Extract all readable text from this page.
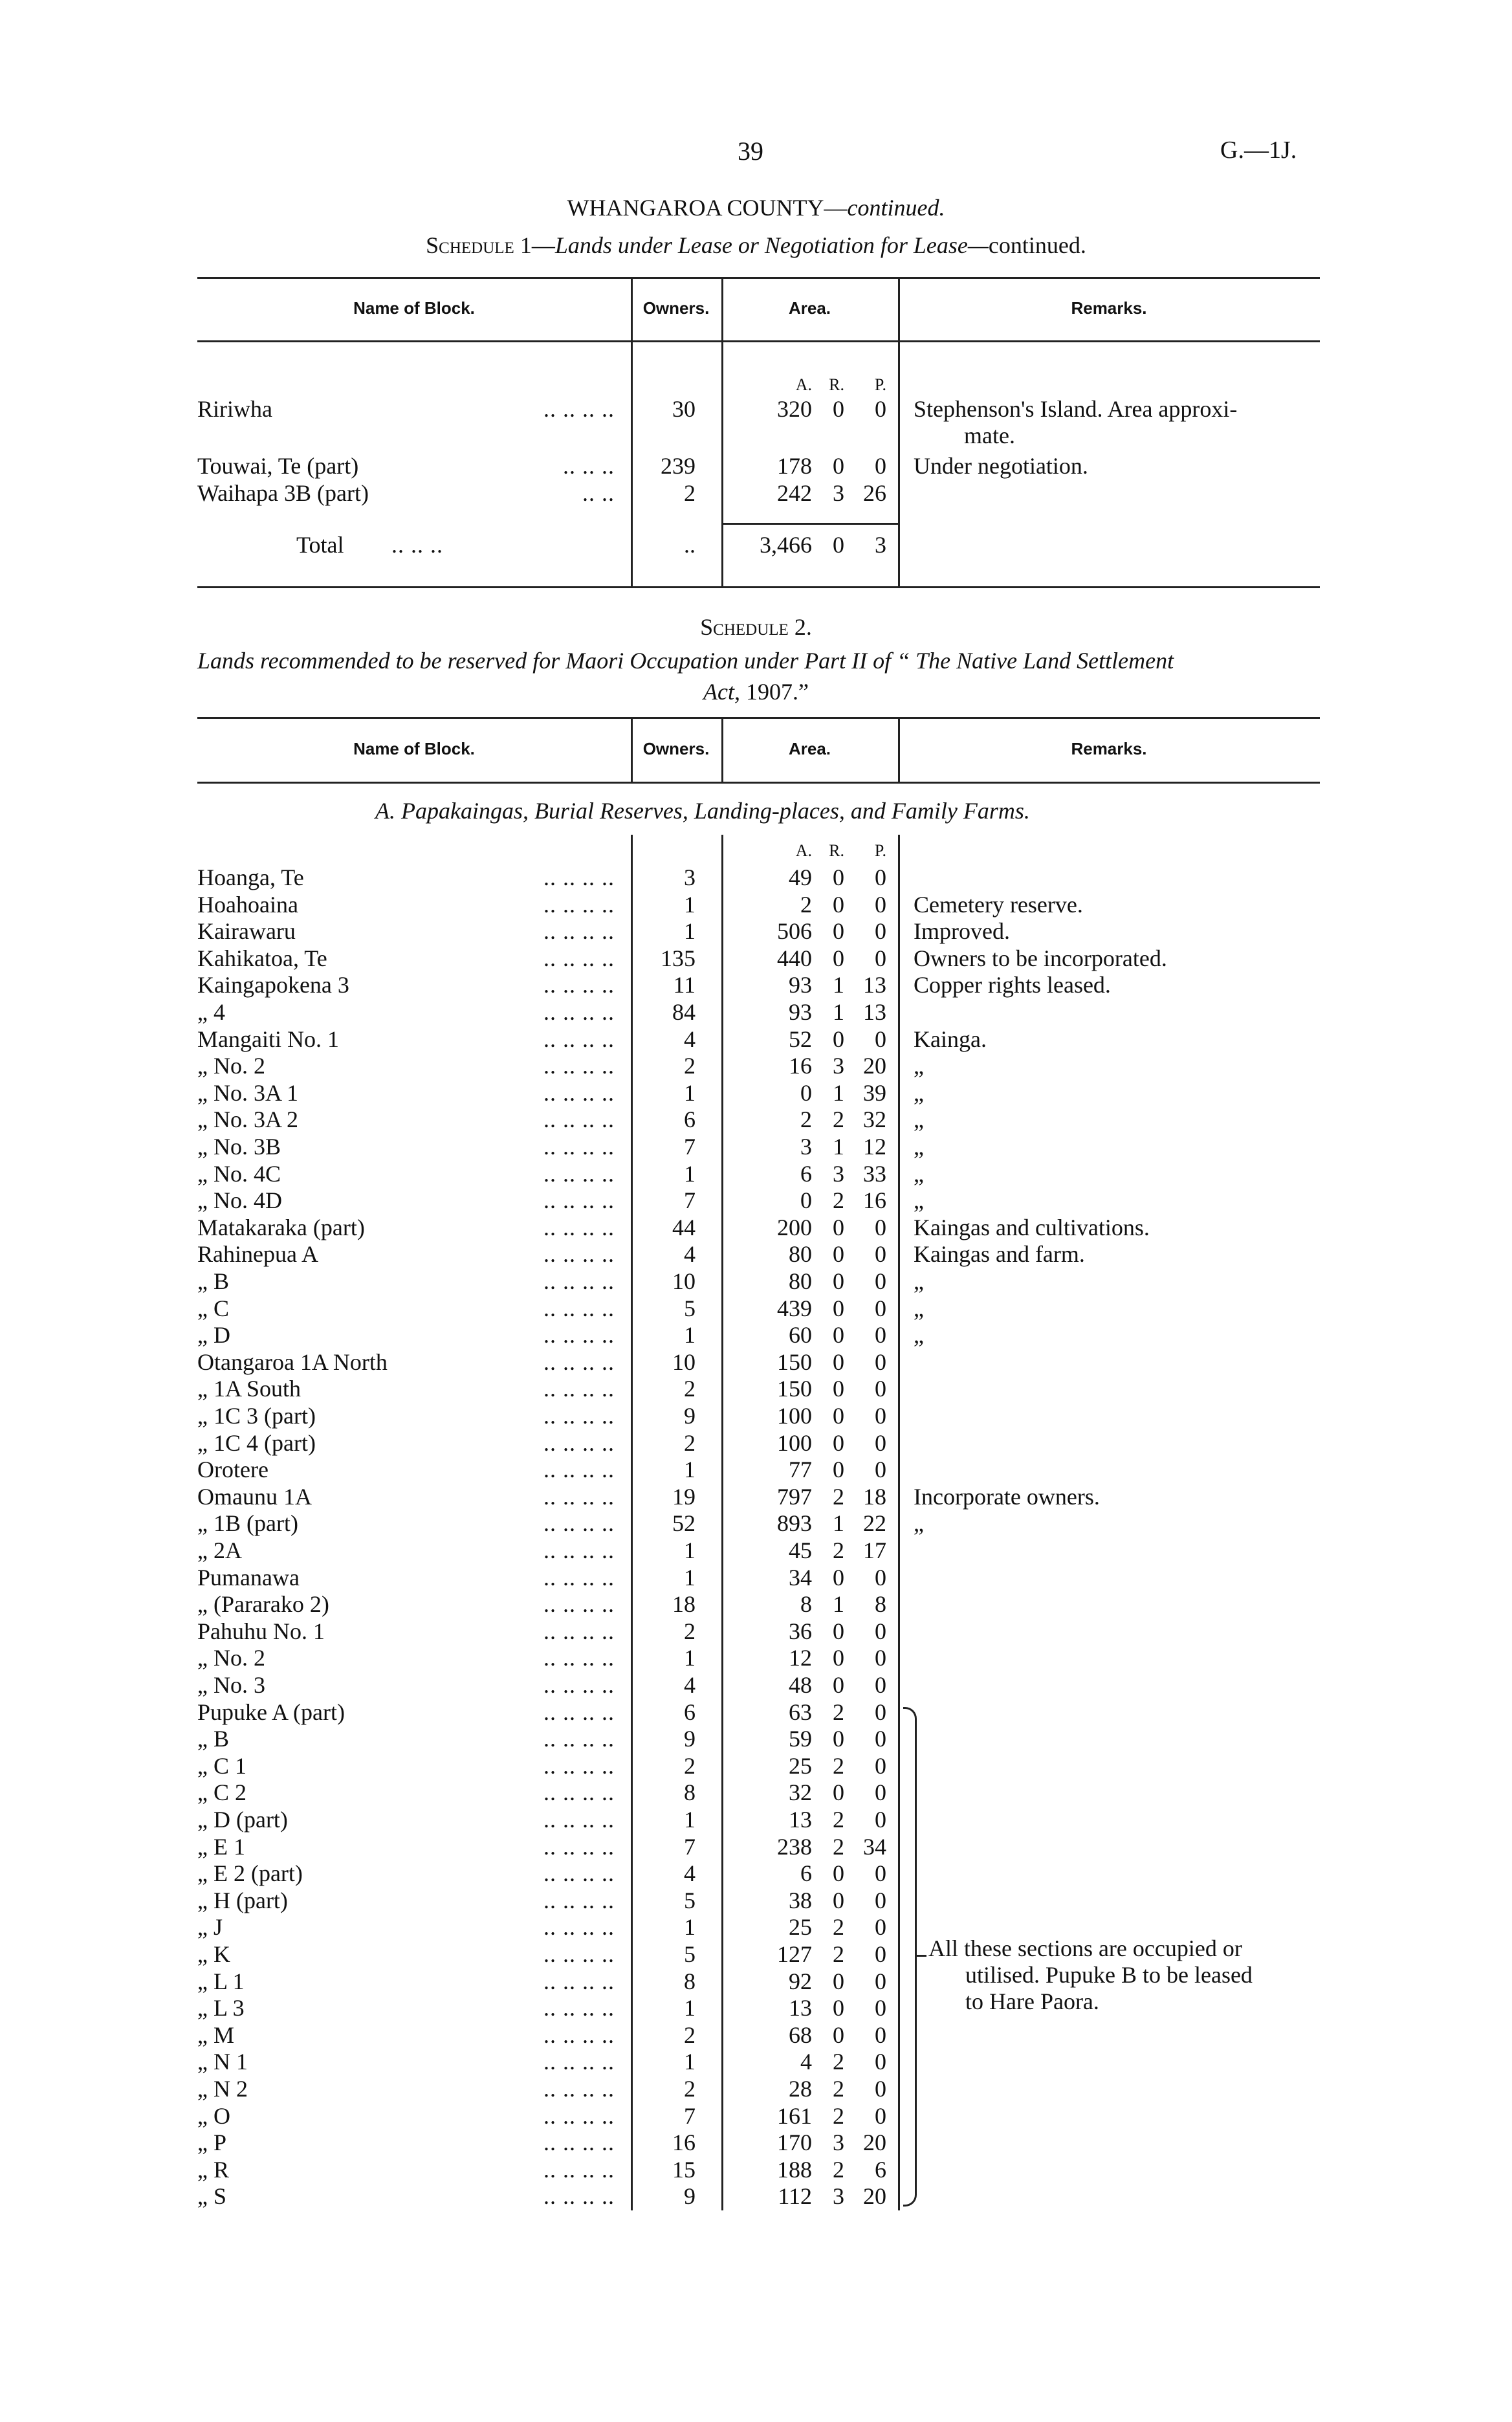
39	G.—1J.
WHANGAROA COUNTY—continued.
Schedule 1—Lands under Lease or Negotiation for Lease—continued.
Name of Block.	Owners.	Area.	Remarks.
A.	R.	P.
Ririwha	.. .. .. ..	30	320 0	0 Stephenson's Island. Area approxi-
mate.
Touwai, Te (part)	.. .. ..	239	178 0	0 Under negotiation.
Waihapa 3B (part)	.. ..	2	242 3 26
Total .. .. ..	..	3,466 0	3
Schedule 2.
Lands recommended to be reserved for Maori Occupation under Part II of “ The Native Land Settlement
Act, 1907.”
Name of Block.	Owners.	Area.	Remarks.
A. Papakaingas, Burial Reserves, Landing-places, and Family Farms.
A.	R.	P.
Hoanga, Te	.. .. .. ..	3	49 0	0
Hoahoaina	.. .. .. ..	1	2 0	0 Cemetery reserve.
Kairawaru	.. .. .. ..	1	506 0	0 Improved.
Kahikatoa, Te	.. .. .. ..	135	440 0	0 Owners to be incorporated.
Kaingapokena 3	.. .. .. ..	11	93 1 13 Copper rights leased.
„ 4	.. .. .. ..	84	93 1 13
Mangaiti No. 1	.. .. .. ..	4	52 0	0 Kainga.
„ No. 2	.. .. .. ..	2	16 3 20 „
„ No. 3A 1	.. .. .. ..	1	0 1 39 „
„ No. 3A 2	.. .. .. ..	6	2 2 32 „
„ No. 3B	.. .. .. ..	7	3 1 12 „
„ No. 4C	.. .. .. ..	1	6 3 33 „
„ No. 4D	.. .. .. ..	7	0 2 16 „
Matakaraka (part)	.. .. .. ..	44	200 0	0 Kaingas and cultivations.
Rahinepua A	.. .. .. ..	4	80 0	0 Kaingas and farm.
„ B	.. .. .. ..	10	80 0	0 „
„ C	.. .. .. ..	5	439 0	0 „
„ D	.. .. .. ..	1	60 0	0 „
Otangaroa 1A North	.. .. .. ..	10	150 0	0
„ 1A South	.. .. .. ..	2	150 0	0
„ 1C 3 (part)	.. .. .. ..	9	100 0	0
„ 1C 4 (part)	.. .. .. ..	2	100 0	0
Orotere	.. .. .. ..	1	77 0	0
Omaunu 1A	.. .. .. ..	19	797 2 18 Incorporate owners.
„ 1B (part)	.. .. .. ..	52	893 1 22 „
„ 2A	.. .. .. ..	1	45 2 17
Pumanawa	.. .. .. ..	1	34 0	0
„ (Pararako 2)	.. .. .. ..	18	8 1	8
Pahuhu No. 1	.. .. .. ..	2	36 0	0
„ No. 2	.. .. .. ..	1	12 0	0
„ No. 3	.. .. .. ..	4	48 0	0
Pupuke A (part)	.. .. .. ..	6	63 2	0
„ B	.. .. .. ..	9	59 0	0
„ C 1	.. .. .. ..	2	25 2	0
„ C 2	.. .. .. ..	8	32 0	0
„ D (part)	.. .. .. ..	1	13 2	0
„ E 1	.. .. .. ..	7	238 2 34
„ E 2 (part)	.. .. .. ..	4	6 0	0
„ H (part)	.. .. .. ..	5	38 0	0
„ J	.. .. .. ..	1	25 2	0
„ K	.. .. .. ..	5	127 2	0
„ L 1	.. .. .. ..	8	92 0	0
„ L 3	.. .. .. ..	1	13 0	0
„ M	.. .. .. ..	2	68 0	0
„ N 1	.. .. .. ..	1	4 2	0
„ N 2	.. .. .. ..	2	28 2	0
„ O	.. .. .. ..	7	161 2	0
„ P	.. .. .. ..	16	170 3 20
„ R	.. .. .. ..	15	188 2	6
„ S	.. .. .. ..	9	112 3 20
All these sections are occupied or
utilised. Pupuke B to be leased
to Hare Paora.
